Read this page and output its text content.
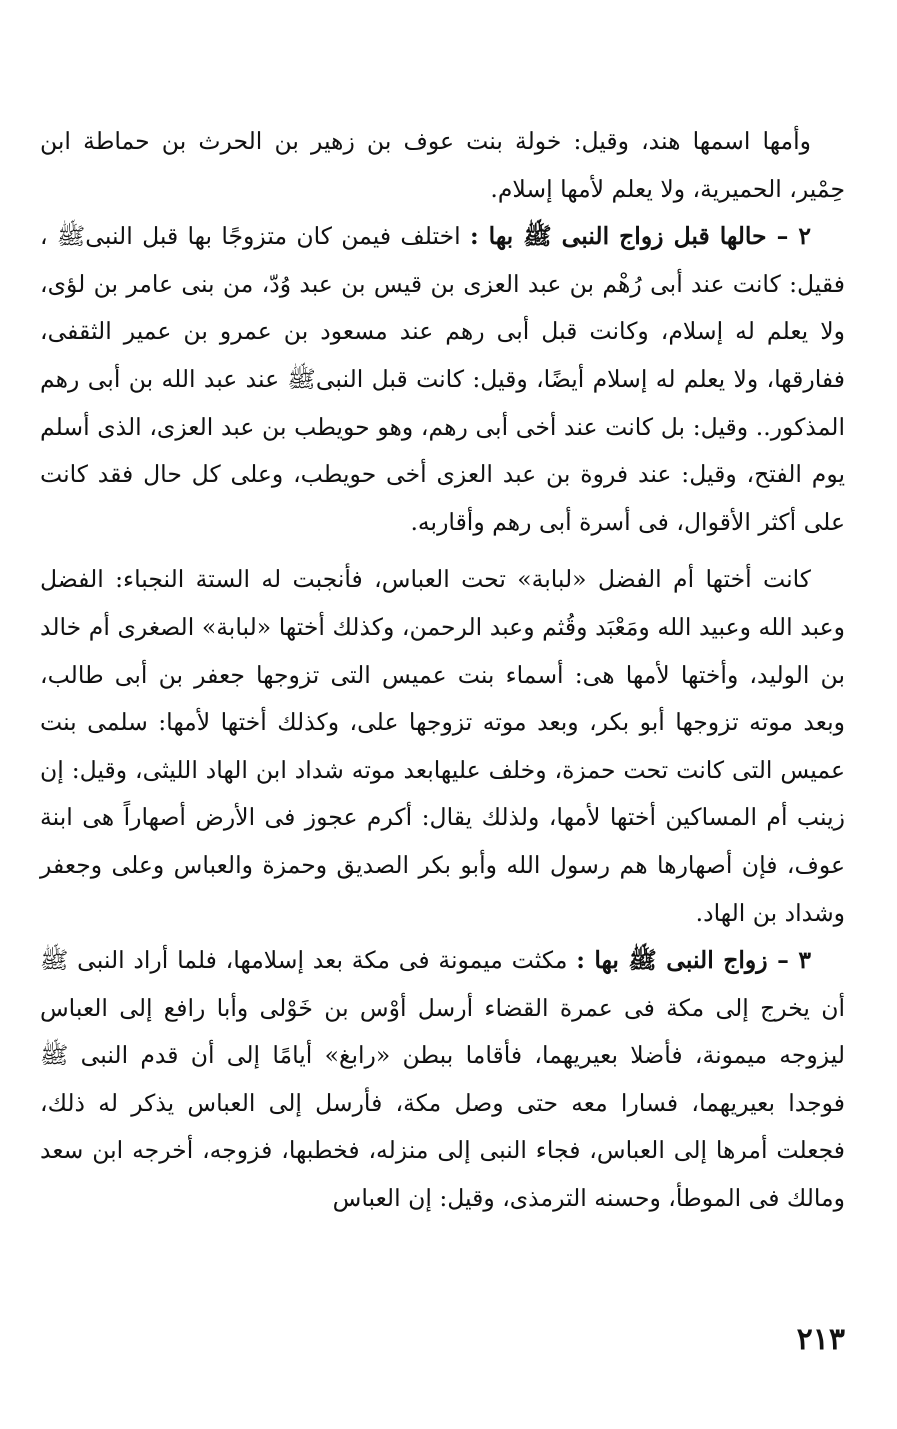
وأمها اسمها هند، وقيل: خولة بنت عوف بن زهير بن الحرث بن حماطة ابن حِمْير، الحميرية، ولا يعلم لأمها إسلام.

٢ – حالها قبل زواج النبى ﷺ بها : اختلف فيمن كان متزوجًا بها قبل النبىﷺ ، فقيل: كانت عند أبى رُهْم بن عبد العزى بن قيس بن عبد وُدّ، من بنى عامر بن لؤى، ولا يعلم له إسلام، وكانت قبل أبى رهم عند مسعود بن عمرو بن عمير الثقفى، ففارقها، ولا يعلم له إسلام أيضًا، وقيل: كانت قبل النبىﷺ عند عبد الله بن أبى رهم المذكور.. وقيل: بل كانت عند أخى أبى رهم، وهو حويطب بن عبد العزى، الذى أسلم يوم الفتح، وقيل: عند فروة بن عبد العزى أخى حويطب، وعلى كل حال فقد كانت على أكثر الأقوال، فى أسرة أبى رهم وأقاربه.

كانت أختها أم الفضل «لبابة» تحت العباس، فأنجبت له الستة النجباء: الفضل وعبد الله وعبيد الله ومَعْبَد وقُثم وعبد الرحمن، وكذلك أختها «لبابة» الصغرى أم خالد بن الوليد، وأختها لأمها هى: أسماء بنت عميس التى تزوجها جعفر بن أبى طالب، وبعد موته تزوجها أبو بكر، وبعد موته تزوجها على، وكذلك أختها لأمها: سلمى بنت عميس التى كانت تحت حمزة، وخلف عليهابعد موته شداد ابن الهاد الليثى، وقيل: إن زينب أم المساكين أختها لأمها، ولذلك يقال: أكرم عجوز فى الأرض أصهاراً هى ابنة عوف، فإن أصهارها هم رسول الله وأبو بكر الصديق وحمزة والعباس وعلى وجعفر وشداد بن الهاد.

٣ – زواج النبى ﷺ بها : مكثت ميمونة فى مكة بعد إسلامها، فلما أراد النبى ﷺ أن يخرج إلى مكة فى عمرة القضاء أرسل أوْس بن خَوْلى وأبا رافع إلى العباس ليزوجه ميمونة، فأضلا بعيريهما، فأقاما ببطن «رابغ» أيامًا إلى أن قدم النبى ﷺ فوجدا بعيريهما، فسارا معه حتى وصل مكة، فأرسل إلى العباس يذكر له ذلك، فجعلت أمرها إلى العباس، فجاء النبى إلى منزله، فخطبها، فزوجه، أخرجه ابن سعد ومالك فى الموطأ، وحسنه الترمذى، وقيل: إن العباس

٢١٣
